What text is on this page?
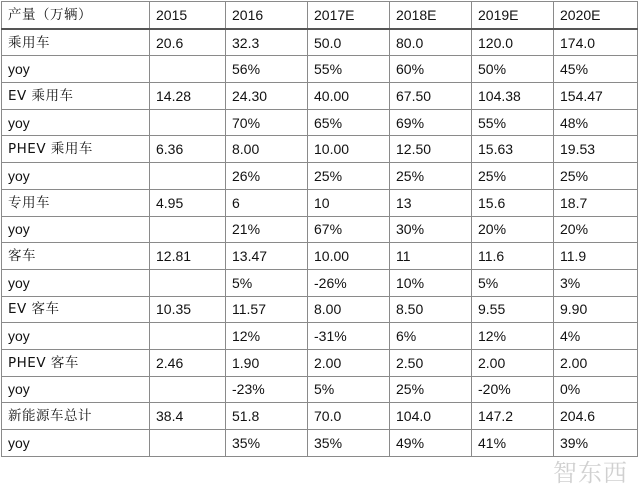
产量（万辆）	2015	2016	2017E	2018E	2019E	2020E
乘用车	20.6	32.3	50.0	80.0	120.0	174.0
yoy		56%	55%	60%	50%	45%
EV 乘用车	14.28	24.30	40.00	67.50	104.38	154.47
yoy		70%	65%	69%	55%	48%
PHEV 乘用车	6.36	8.00	10.00	12.50	15.63	19.53
yoy		26%	25%	25%	25%	25%
专用车	4.95	6	10	13	15.6	18.7
yoy		21%	67%	30%	20%	20%
客车	12.81	13.47	10.00	11	11.6	11.9
yoy		5%	-26%	10%	5%	3%
EV 客车	10.35	11.57	8.00	8.50	9.55	9.90
yoy		12%	-31%	6%	12%	4%
PHEV 客车	2.46	1.90	2.00	2.50	2.00	2.00
yoy		-23%	5%	25%	-20%	0%
新能源车总计	38.4	51.8	70.0	104.0	147.2	204.6
yoy		35%	35%	49%	41%	39%
智东西
